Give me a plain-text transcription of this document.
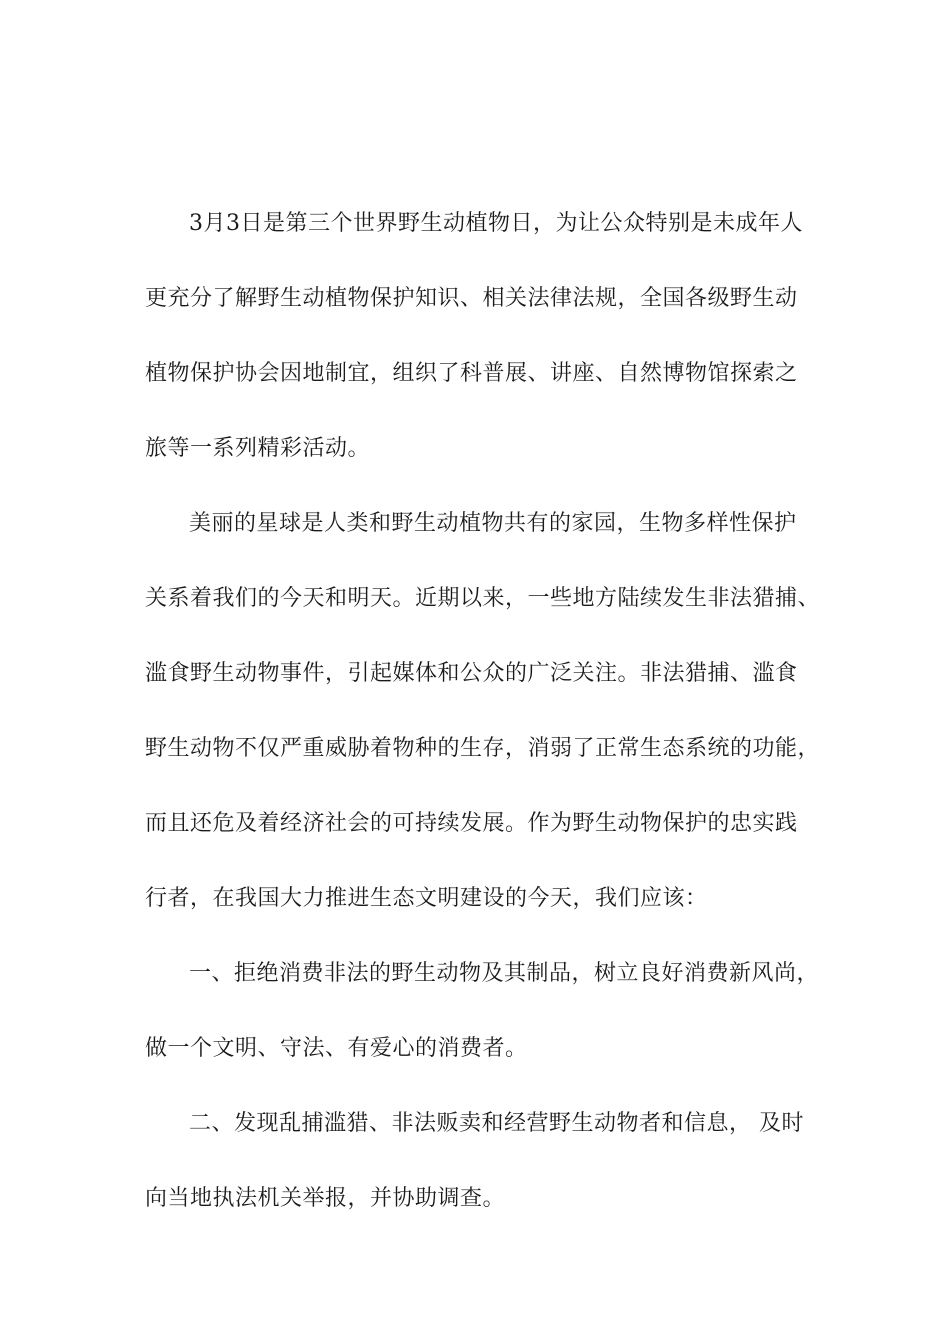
3月3日是第三个世界野生动植物日，为让公众特别是未成年人
更充分了解野生动植物保护知识、相关法律法规，全国各级野生动
植物保护协会因地制宜，组织了科普展、讲座、自然博物馆探索之
旅等一系列精彩活动。
美丽的星球是人类和野生动植物共有的家园，生物多样性保护
关系着我们的今天和明天。近期以来，一些地方陆续发生非法猎捕、
滥食野生动物事件，引起媒体和公众的广泛关注。非法猎捕、滥食
野生动物不仅严重威胁着物种的生存，消弱了正常生态系统的功能，
而且还危及着经济社会的可持续发展。作为野生动物保护的忠实践
行者，在我国大力推进生态文明建设的今天，我们应该：
一、拒绝消费非法的野生动物及其制品，树立良好消费新风尚，
做一个文明、守法、有爱心的消费者。
二、发现乱捕滥猎、非法贩卖和经营野生动物者和信息， 及时
向当地执法机关举报，并协助调查。
